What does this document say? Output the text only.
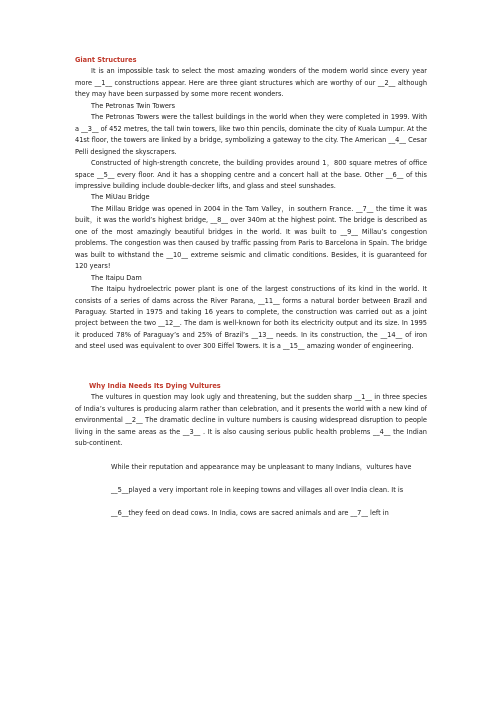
Giant Structures

It is an impossible task to select the most amazing wonders of the modem world since every year more __1__ constructions appear. Here are three giant structures which are worthy of our __2__ although they may have been surpassed by some more recent wonders.

The Petronas Twin Towers

The Petronas Towers were the tallest buildings in the world when they were completed in 1999. With a __3__ of 452 metres, the tall twin towers, like two thin pencils, dominate the city of Kuala Lumpur. At the 41st floor, the towers are linked by a bridge, symbolizing a gateway to the city. The American __4__ Cesar Pelli designed the skyscrapers.

Constructed of high-strength concrete, the building provides around 1，800 square metres of office space __5__ every floor. And it has a shopping centre and a concert hall at the base. Other __6__ of this impressive building include double-decker lifts, and glass and steel sunshades.

The MiUau Bridge

The Millau Bridge was opened in 2004 in the Tam Valley，in southern France. __7__ the time it was built，it was the world’s highest bridge, __8__ over 340m at the highest point. The bridge is described as one of the most amazingly beautiful bridges in the world. It was built to __9__ Millau’s congestion problems. The congestion was then caused by traffic passing from Paris to Barcelona in Spain. The bridge was built to withstand the __10__ extreme seismic and climatic conditions. Besides, it is guaranteed for 120 years!

The Itaipu Dam

The Itaipu hydroelectric power plant is one of the largest constructions of its kind in the world. It consists of a series of dams across the River Parana, __11__ forms a natural border between Brazil and Paraguay. Started in 1975 and taking 16 years to complete, the construction was carried out as a joint project between the two __12__. The dam is well-known for both its electricity output and its size. In 1995 it produced 78% of Paraguay’s and 25% of Brazil’s __13__ needs. In its construction, the __14__ of iron and steel used was equivalent to over 300 Eiffel Towers. It is a __15__ amazing wonder of engineering.

Why India Needs Its Dying Vultures

The vultures in question may look ugly and threatening, but the sudden sharp __1__ in three species of India’s vultures is producing alarm rather than celebration, and it presents the world with a new kind of environmental __2__ The dramatic decline in vulture numbers is causing widespread disruption to people living in the same areas as the __3__ . It is also causing serious public health problems __4__ the Indian sub-continent.

While their reputation and appearance may be unpleasant to many Indians，vultures have

__5__played a very important role in keeping towns and villages all over India clean. It is

__6__they feed on dead cows. In India, cows are sacred animals and are __7__ left in
